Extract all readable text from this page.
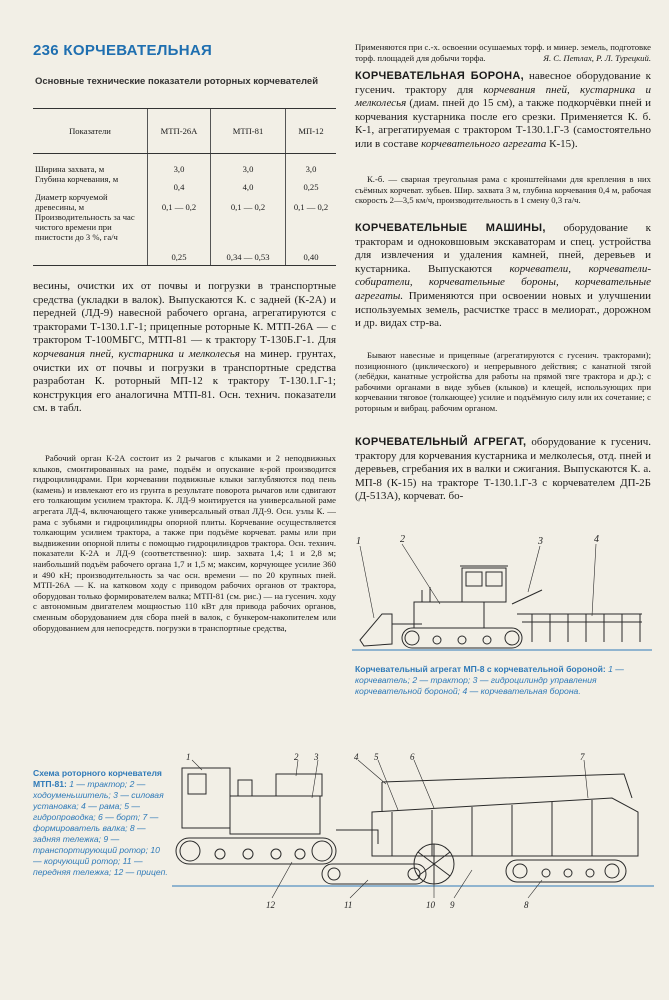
236 КОРЧЕВАТЕЛЬНАЯ
Основные технические показатели роторных корчевателей
Показатели	МТП-26А	МТП-81	МП-12
Ширина захвата, м	3,0	3,0	3,0
Глубина корчевания, м	0,4	4,0	0,25
Диаметр корчуемой древесины, м	0,1 — 0,2	0,1 — 0,2	0,1 — 0,2
Производительность за час чистого времени при пнистости до 3 %, га/ч	0,25	0,34 — 0,53	0,40
весины, очистки их от почвы и погрузки в транспортные средства (укладки в валок). Выпускаются К. с задней (К-2А) и передней (ЛД-9) навесной рабочего органа, агрегатируются с тракторами Т-130.1.Г-1; прицепные роторные К. МТП-26А — с трактором Т-100МБГС, МТП-81 — к трактору Т-130Б.Г-1. Для корчевания пней, кустарника и мелколесья на минер. грунтах, очистки их от почвы и погрузки в транспортные средства разработан К. роторный МП-12 к трактору Т-130.1.Г-1; конструкция его аналогична МТП-81. Осн. технич. показатели см. в табл.
Рабочий орган К-2А состоит из 2 рычагов с клыками и 2 неподвижных клыков, смонтированных на раме, подъём и опускание к-рой производится гидроцилиндрами. При корчевании подвижные клыки заглубляются под пень (камень) и извлекают его из грунта в результате поворота рычагов или сдвигают его толкающим усилием трактора. К. ЛД-9 монтируется на универсальной раме агрегата ЛД-4, включающего также универсальный отвал ЛД-9. Осн. узлы К. — рама с зубьями и гидроцилиндры опорной плиты. Корчевание осуществляется толкающим усилием трактора, а также при подъёме корчеват. рамы или при выдвижении опорной плиты с помощью гидроцилиндров трактора. Осн. технич. показатели К-2А и ЛД-9 (соответственно): шир. захвата 1,4; 1 и 2,8 м; наибольший подъём рабочего органа 1,7 и 1,5 м; максим, корчующее усилие 360 и 490 кН; производительность за час осн. времени — по 20 крупных пней. МТП-26А — К. на катковом ходу с приводом рабочих органов от трактора, оборудован только формирователем валка; МТП-81 (см. рис.) — на гусенич. ходу с автономным двигателем мощностью 110 кВт для привода рабочих органов, сменным оборудованием для сбора пней в валок, с бункером-накопителем или оборудованием для непосредств. погрузки в транспортные средства,
Применяются при с.-х. освоении осушаемых торф. и минер. земель, подготовке торф. площадей для добычи торфа.	Я. С. Петлах, Р. Л. Турецкий.
КОРЧЕВАТЕЛЬНАЯ БОРОНА, навесное оборудование к гусенич. трактору для корчевания пней, кустарника и мелколесья (диам. пней до 15 см), а также подкорчёвки пней и корчевания кустарника после его срезки. Применяется К. б. К-1, агрегатируемая с трактором Т-130.1.Г-3 (самостоятельно или в составе корчевательного агрегата К-15).
К.-б. — сварная треугольная рама с кронштейнами для крепления в них съёмных корчеват. зубьев. Шир. захвата 3 м, глубина корчевания 0,4 м, рабочая скорость 2—3,5 км/ч, производительность в 1 смену 0,3 га/ч.
КОРЧЕВАТЕЛЬНЫЕ МАШИНЫ, оборудование к тракторам и одноковшовым экскаваторам и спец. устройства для извлечения и удаления камней, пней, деревьев и кустарника. Выпускаются корчеватели, корчеватели-собиратели, корчевательные бороны, корчевательные агрегаты. Применяются при освоении новых и улучшении используемых земель, расчистке трасс в мелиорат., дорожном и др. видах стр-ва.
Бывают навесные и прицепные (агрегатируются с гусенич. тракторами); позиционного (циклического) и непрерывного действия; с канатной тягой (лебёдки, канатные устройства для работы на прямой тяге трактора и др.); с рабочими органами в виде зубьев (клыков) и клещей, использующих при корчевании тяговое (толкающее) усилие и подъёмную силу или их сочетание; с роторным и вибрац. рабочим органом.
КОРЧЕВАТЕЛЬНЫЙ АГРЕГАТ, оборудование к гусенич. трактору для корчевания кустарника и мелколесья, отд. пней и деревьев, сгребания их в валки и сжигания. Выпускаются К. а. МП-8 (К-15) на тракторе Т-130.1.Г-3 с корчевателем ДП-2Б (Д-513А), корчеват. бо-
1	2	3	4
Корчевательный агрегат МП-8 с корчевательной бороной: 1 — корчеватель; 2 — трактор; 3 — гидроцилиндр управления корчевательной бороной; 4 — корчевательная борона.
Схема роторного корчевателя МТП-81: 1 — трактор; 2 — ходоуменьшитель; 3 — силовая установка; 4 — рама; 5 — гидропроводка; 6 — борт; 7 — формирователь валка; 8 — задняя тележка; 9 — транспортирующий ротор; 10 — корчующий ротор; 11 — передняя тележка; 12 — прицеп.
1	2 3	4 5	6	7
8
9
10
11
12
